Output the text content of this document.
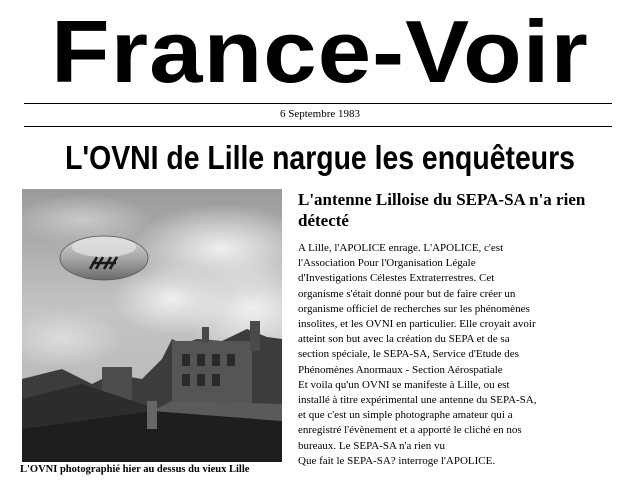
France-Voir
6 Septembre 1983
L'OVNI de Lille nargue les enquêteurs
L'OVNI photographié hier au dessus du vieux Lille
L'antenne Lilloise du SEPA-SA n'a rien détecté
A Lille, l'APOLICE enrage. L'APOLICE, c'est
l'Association Pour l'Organisation Légale
d'Investigations Célestes Extraterrestres. Cet
organisme s'était donné pour but de faire créer un
organisme officiel de recherches sur les phénomènes
insolites, et les OVNI en particulier. Elle croyait avoir
atteint son but avec la création du SEPA et de sa
section spéciale, le SEPA-SA, Service d'Etude des
Phénomènes Anormaux - Section Aérospatiale
Et voila qu'un OVNI se manifeste à Lille, ou est
installé à titre expérimental une antenne du SEPA-SA,
et que c'est un simple photographe amateur qui a
enregistré l'évènement et a apporté le cliché en nos
bureaux. Le SEPA-SA n'a rien vu
Que fait le SEPA-SA? interroge l'APOLICE.
